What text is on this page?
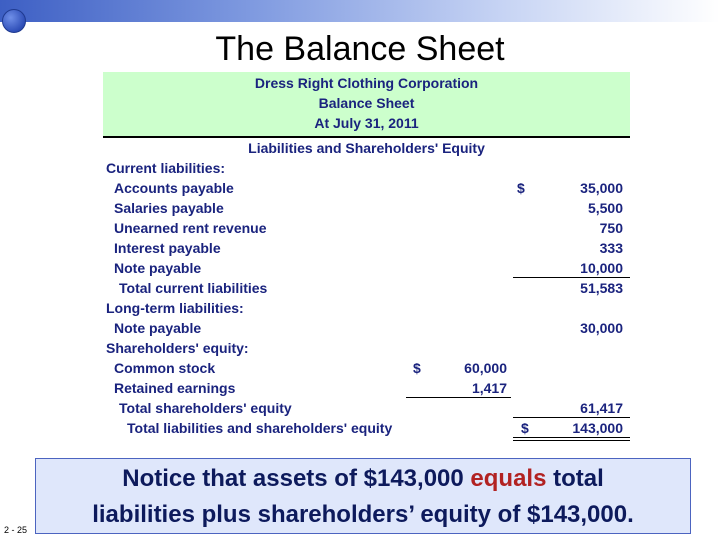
The Balance Sheet
Dress Right Clothing Corporation
Balance Sheet
At July 31, 2011
Liabilities and Shareholders' Equity
Current liabilities:
Accounts payable	$	35,000
Salaries payable	5,500
Unearned rent revenue	750
Interest payable	333
Note payable	10,000
Total current liabilities	51,583
Long-term liabilities:
Note payable	30,000
Shareholders' equity:
Common stock	$	60,000
Retained earnings	1,417
Total shareholders' equity	61,417
Total liabilities and shareholders' equity	$	143,000
Notice that assets of $143,000 equals total
liabilities plus shareholders’ equity of $143,000.
2 - 25
